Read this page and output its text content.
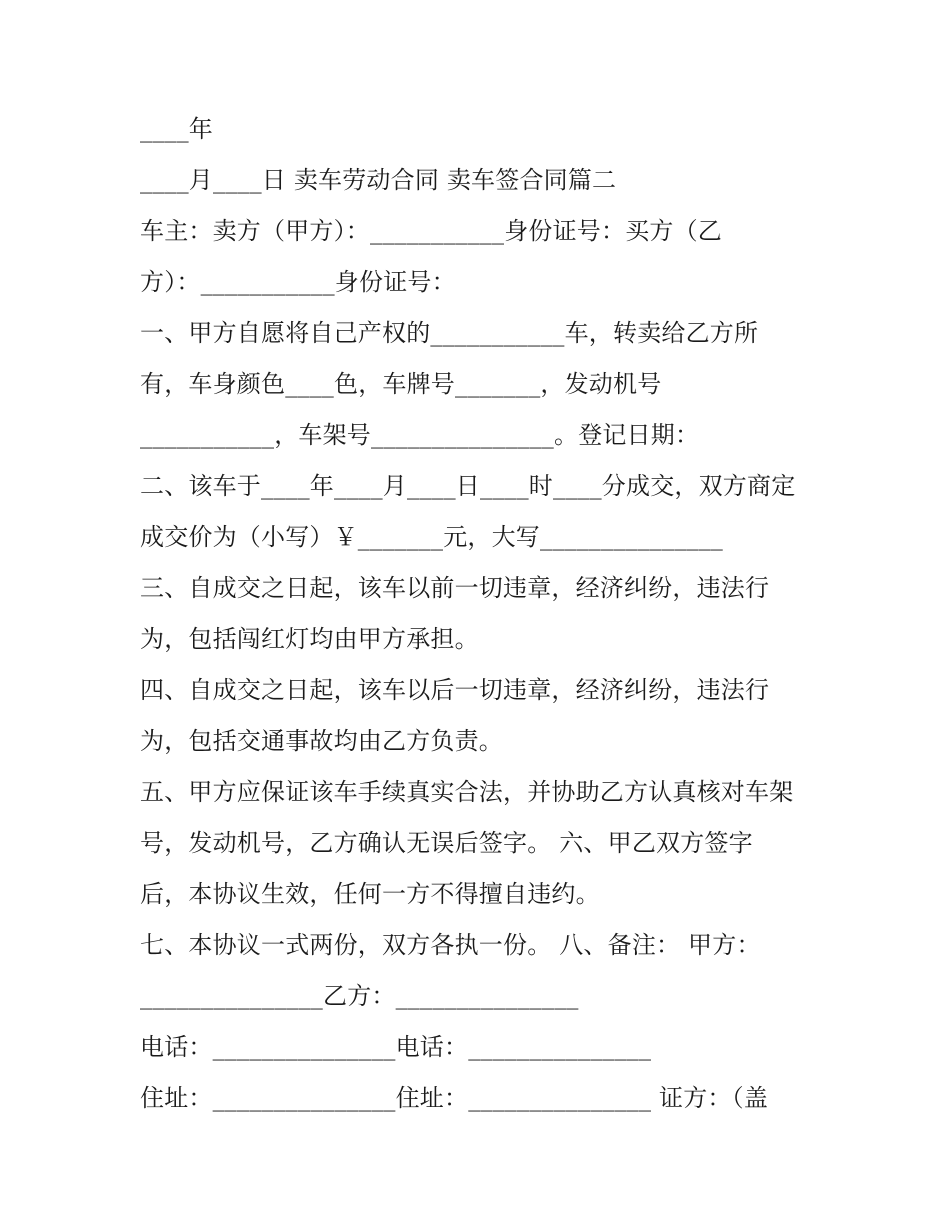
____年
____月____日 卖车劳动合同 卖车签合同篇二
车主：卖方（甲方）：___________身份证号：买方（乙
方）：___________身份证号：
一、甲方自愿将自己产权的___________车，转卖给乙方所
有，车身颜色____色，车牌号_______，发动机号
___________，车架号_______________。登记日期：
二、该车于____年____月____日____时____分成交，双方商定
成交价为（小写）￥_______元，大写_______________
三、自成交之日起，该车以前一切违章，经济纠纷，违法行
为，包括闯红灯均由甲方承担。
四、自成交之日起，该车以后一切违章，经济纠纷，违法行
为，包括交通事故均由乙方负责。
五、甲方应保证该车手续真实合法，并协助乙方认真核对车架
号，发动机号，乙方确认无误后签字。 六、甲乙双方签字
后，本协议生效，任何一方不得擅自违约。
七、本协议一式两份，双方各执一份。 八、备注： 甲方：
_______________乙方：_______________
电话：_______________电话：_______________
住址：_______________住址：_______________ 证方：（盖
